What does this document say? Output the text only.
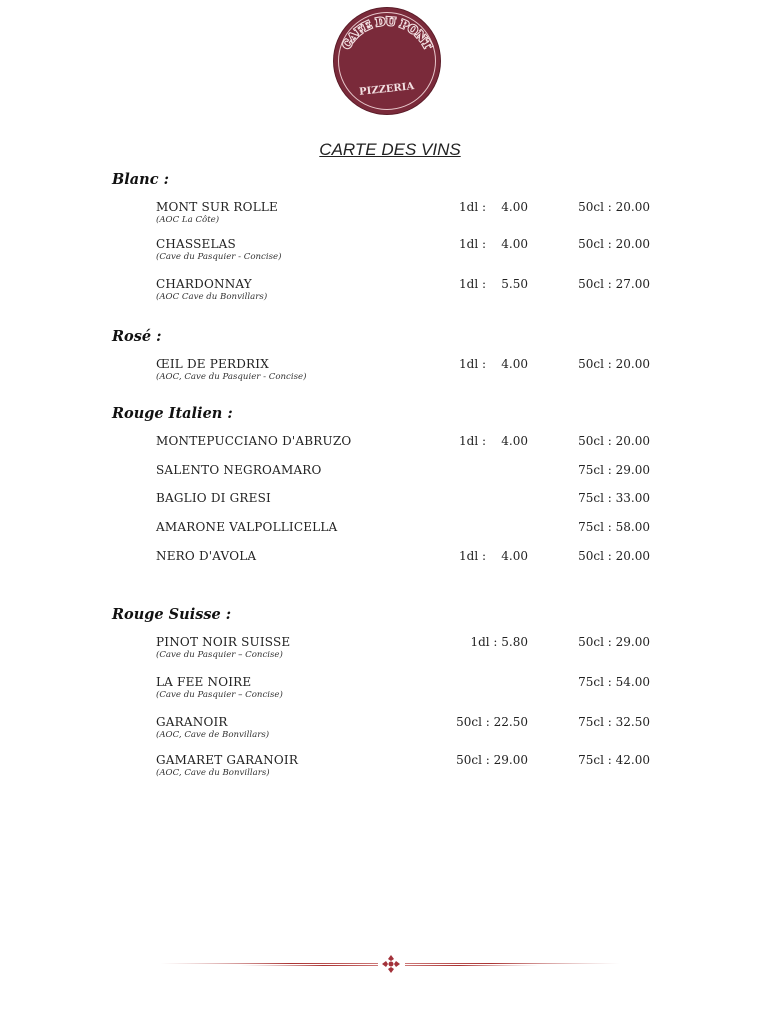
CAFE DU PONT
PIZZERIA
CARTE DES VINS
Blanc :
MONT SUR ROLLE
(AOC La Côte)
1dl : 4.00	50cl : 20.00
CHASSELAS
(Cave du Pasquier - Concise)
1dl : 4.00	50cl : 20.00
CHARDONNAY
(AOC Cave du Bonvillars)
1dl : 5.50	50cl : 27.00
Rosé :
ŒIL DE PERDRIX
(AOC, Cave du Pasquier - Concise)
1dl : 4.00	50cl : 20.00
Rouge Italien :
MONTEPUCCIANO D'ABRUZO	1dl : 4.00	50cl : 20.00
SALENTO NEGROAMARO	75cl : 29.00
BAGLIO DI GRESI	75cl : 33.00
AMARONE VALPOLLICELLA	75cl : 58.00
NERO D'AVOLA	1dl : 4.00	50cl : 20.00
Rouge Suisse :
PINOT NOIR SUISSE
(Cave du Pasquier – Concise)
1dl : 5.80	50cl : 29.00
LA FEE NOIRE
(Cave du Pasquier – Concise)
75cl : 54.00
GARANOIR
(AOC, Cave de Bonvillars)
50cl : 22.50	75cl : 32.50
GAMARET GARANOIR
(AOC, Cave du Bonvillars)
50cl : 29.00	75cl : 42.00
